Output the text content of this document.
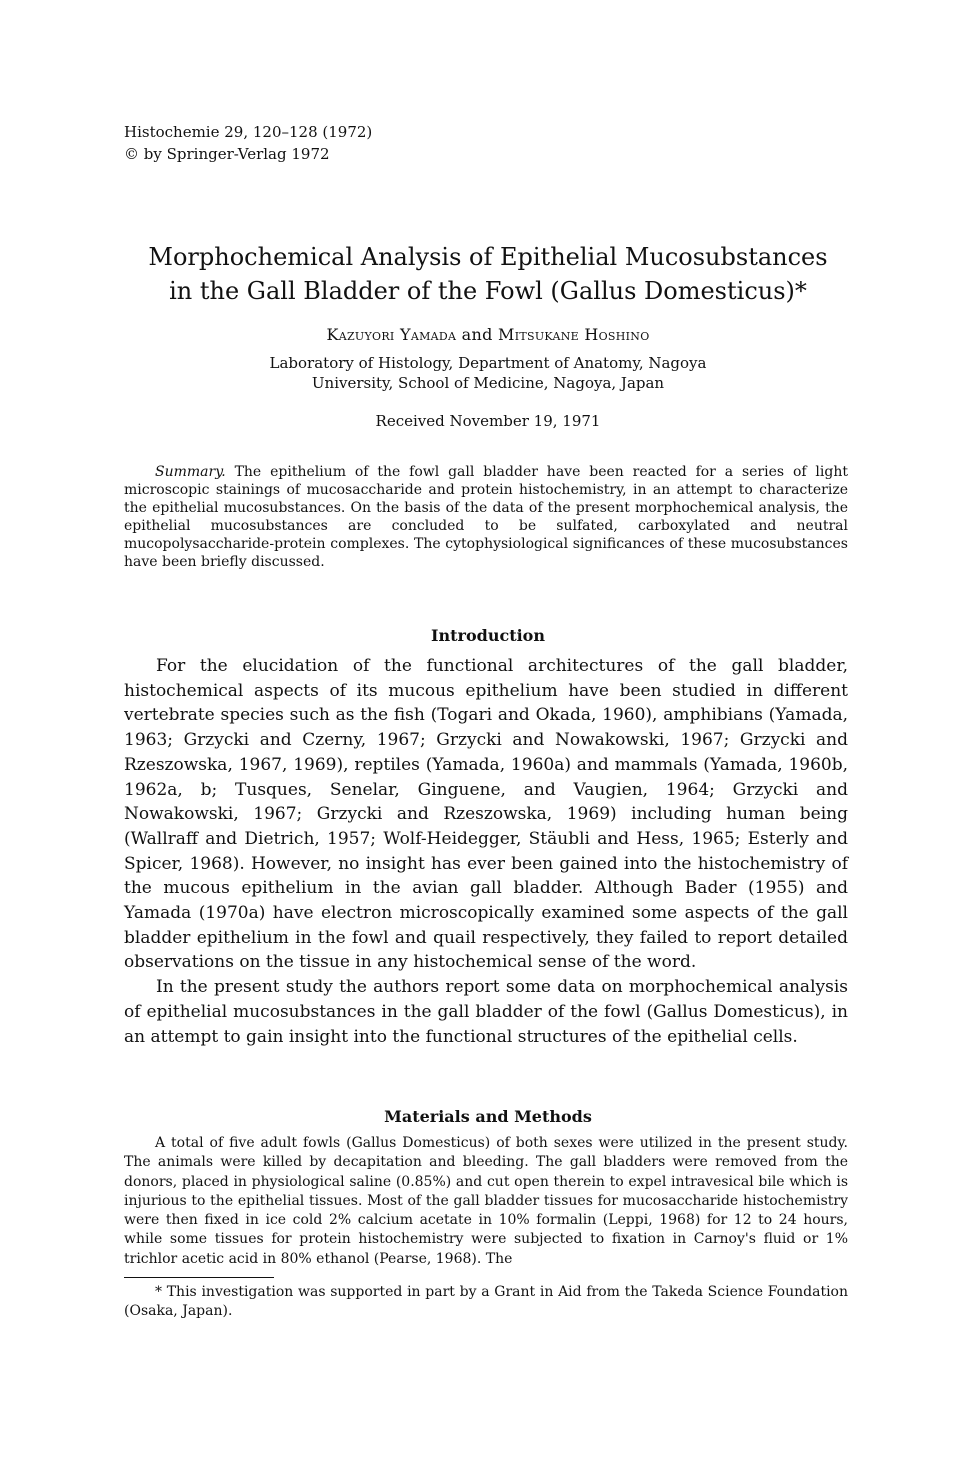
Histochemie 29, 120–128 (1972)
© by Springer-Verlag 1972
Morphochemical Analysis of Epithelial Mucosubstances
in the Gall Bladder of the Fowl (Gallus Domesticus)*
Kazuyori Yamada and Mitsukane Hoshino
Laboratory of Histology, Department of Anatomy, Nagoya
University, School of Medicine, Nagoya, Japan
Received November 19, 1971

Summary. The epithelium of the fowl gall bladder have been reacted for a series of light microscopic stainings of mucosaccharide and protein histochemistry, in an attempt to characterize the epithelial mucosubstances. On the basis of the data of the present morphochemical analysis, the epithelial mucosubstances are concluded to be sulfated, carboxylated and neutral mucopolysaccharide-protein complexes. The cytophysiological significances of these mucosubstances have been briefly discussed.

Introduction

For the elucidation of the functional architectures of the gall bladder, histochemical aspects of its mucous epithelium have been studied in different vertebrate species such as the fish (Togari and Okada, 1960), amphibians (Yamada, 1963; Grzycki and Czerny, 1967; Grzycki and Nowakowski, 1967; Grzycki and Rzeszowska, 1967, 1969), reptiles (Yamada, 1960a) and mammals (Yamada, 1960b, 1962a, b; Tusques, Senelar, Ginguene, and Vaugien, 1964; Grzycki and Nowakowski, 1967; Grzycki and Rzeszowska, 1969) including human being (Wallraff and Dietrich, 1957; Wolf-Heidegger, Stäubli and Hess, 1965; Esterly and Spicer, 1968). However, no insight has ever been gained into the histochemistry of the mucous epithelium in the avian gall bladder. Although Bader (1955) and Yamada (1970a) have electron microscopically examined some aspects of the gall bladder epithelium in the fowl and quail respectively, they failed to report detailed observations on the tissue in any histochemical sense of the word.

In the present study the authors report some data on morphochemical analysis of epithelial mucosubstances in the gall bladder of the fowl (Gallus Domesticus), in an attempt to gain insight into the functional structures of the epithelial cells.

Materials and Methods

A total of five adult fowls (Gallus Domesticus) of both sexes were utilized in the present study. The animals were killed by decapitation and bleeding. The gall bladders were removed from the donors, placed in physiological saline (0.85%) and cut open therein to expel intravesical bile which is injurious to the epithelial tissues. Most of the gall bladder tissues for mucosaccharide histochemistry were then fixed in ice cold 2% calcium acetate in 10% formalin (Leppi, 1968) for 12 to 24 hours, while some tissues for protein histochemistry were subjected to fixation in Carnoy's fluid or 1% trichlor acetic acid in 80% ethanol (Pearse, 1968). The

* This investigation was supported in part by a Grant in Aid from the Takeda Science Foundation (Osaka, Japan).
